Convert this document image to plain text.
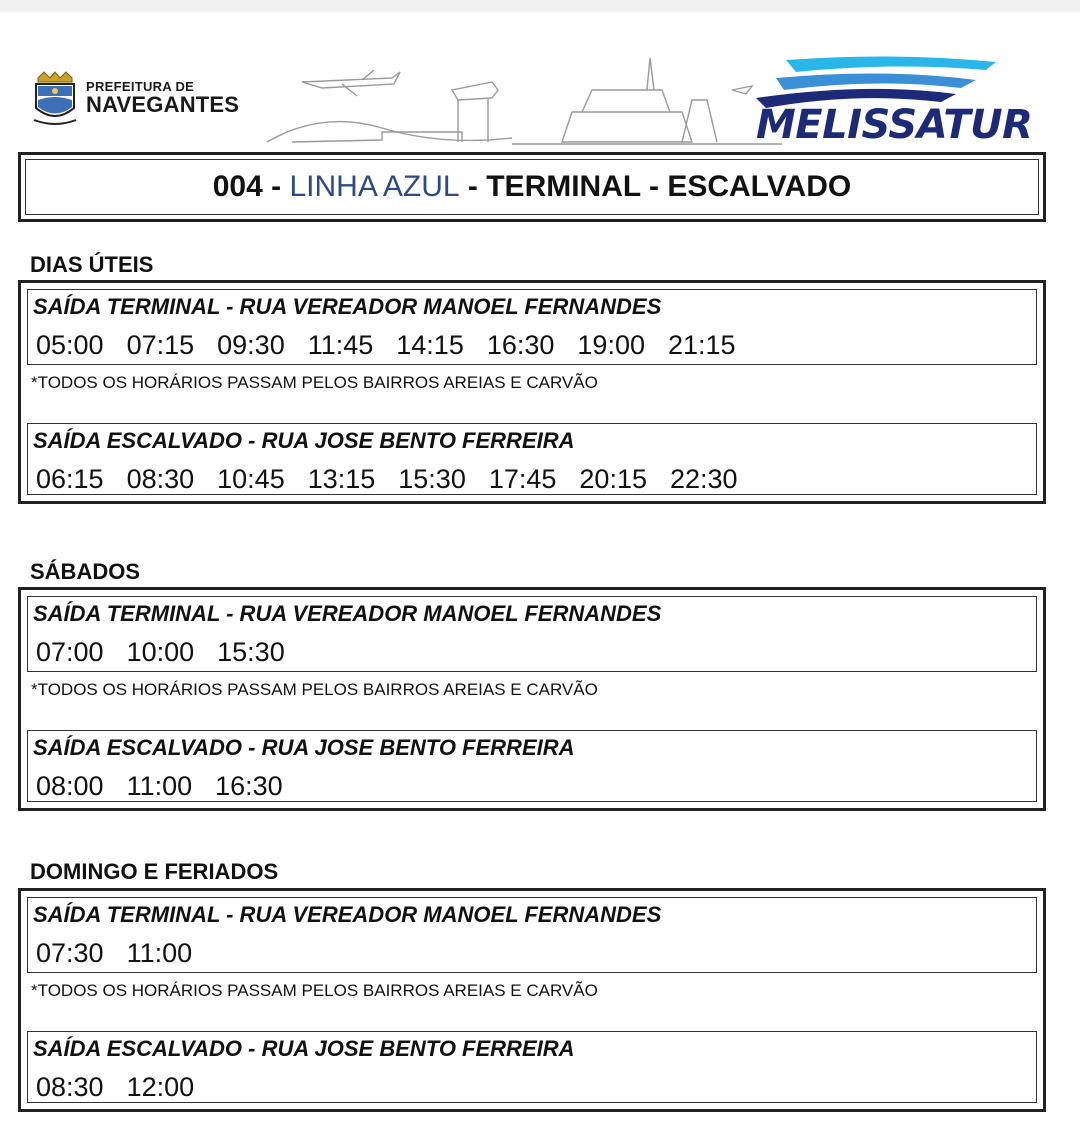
PREFEITURA DE
NAVEGANTES	MELISSATUR
004 - LINHA AZUL - TERMINAL - ESCALVADO
DIAS ÚTEIS
SAÍDA TERMINAL - RUA VEREADOR MANOEL FERNANDES
05:00  07:15  09:30  11:45  14:15  16:30  19:00  21:15
*TODOS OS HORÁRIOS PASSAM PELOS BAIRROS AREIAS E CARVÃO
SAÍDA ESCALVADO - RUA JOSE BENTO FERREIRA
06:15  08:30  10:45  13:15  15:30  17:45  20:15  22:30
SÁBADOS
SAÍDA TERMINAL - RUA VEREADOR MANOEL FERNANDES
07:00  10:00  15:30
*TODOS OS HORÁRIOS PASSAM PELOS BAIRROS AREIAS E CARVÃO
SAÍDA ESCALVADO - RUA JOSE BENTO FERREIRA
08:00  11:00  16:30
DOMINGO E FERIADOS
SAÍDA TERMINAL - RUA VEREADOR MANOEL FERNANDES
07:30  11:00
*TODOS OS HORÁRIOS PASSAM PELOS BAIRROS AREIAS E CARVÃO
SAÍDA ESCALVADO - RUA JOSE BENTO FERREIRA
08:30  12:00
